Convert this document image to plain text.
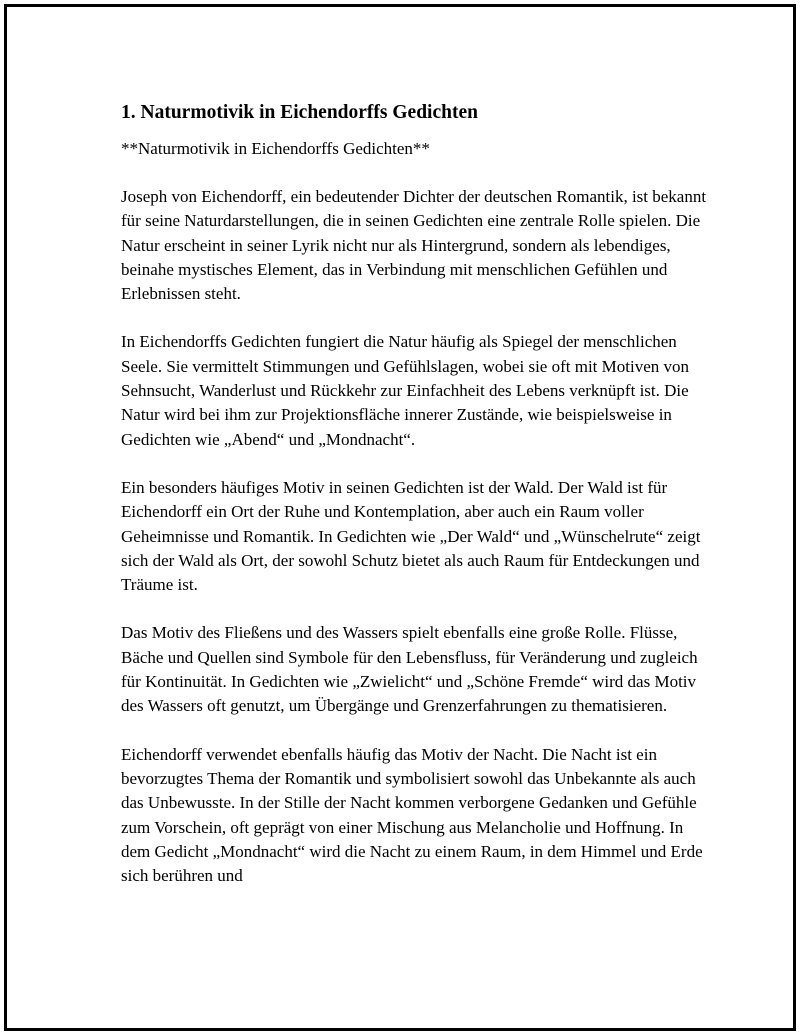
1. Naturmotivik in Eichendorffs Gedichten
**Naturmotivik in Eichendorffs Gedichten**

Joseph von Eichendorff, ein bedeutender Dichter der deutschen Romantik, ist bekannt für seine Naturdarstellungen, die in seinen Gedichten eine zentrale Rolle spielen. Die Natur erscheint in seiner Lyrik nicht nur als Hintergrund, sondern als lebendiges, beinahe mystisches Element, das in Verbindung mit menschlichen Gefühlen und Erlebnissen steht.

In Eichendorffs Gedichten fungiert die Natur häufig als Spiegel der menschlichen Seele. Sie vermittelt Stimmungen und Gefühlslagen, wobei sie oft mit Motiven von Sehnsucht, Wanderlust und Rückkehr zur Einfachheit des Lebens verknüpft ist. Die Natur wird bei ihm zur Projektionsfläche innerer Zustände, wie beispielsweise in Gedichten wie „Abend“ und „Mondnacht“.

Ein besonders häufiges Motiv in seinen Gedichten ist der Wald. Der Wald ist für Eichendorff ein Ort der Ruhe und Kontemplation, aber auch ein Raum voller Geheimnisse und Romantik. In Gedichten wie „Der Wald“ und „Wünschelrute“ zeigt sich der Wald als Ort, der sowohl Schutz bietet als auch Raum für Entdeckungen und Träume ist.

Das Motiv des Fließens und des Wassers spielt ebenfalls eine große Rolle. Flüsse, Bäche und Quellen sind Symbole für den Lebensfluss, für Veränderung und zugleich für Kontinuität. In Gedichten wie „Zwielicht“ und „Schöne Fremde“ wird das Motiv des Wassers oft genutzt, um Übergänge und Grenzerfahrungen zu thematisieren.

Eichendorff verwendet ebenfalls häufig das Motiv der Nacht. Die Nacht ist ein bevorzugtes Thema der Romantik und symbolisiert sowohl das Unbekannte als auch das Unbewusste. In der Stille der Nacht kommen verborgene Gedanken und Gefühle zum Vorschein, oft geprägt von einer Mischung aus Melancholie und Hoffnung. In dem Gedicht „Mondnacht“ wird die Nacht zu einem Raum, in dem Himmel und Erde sich berühren und
